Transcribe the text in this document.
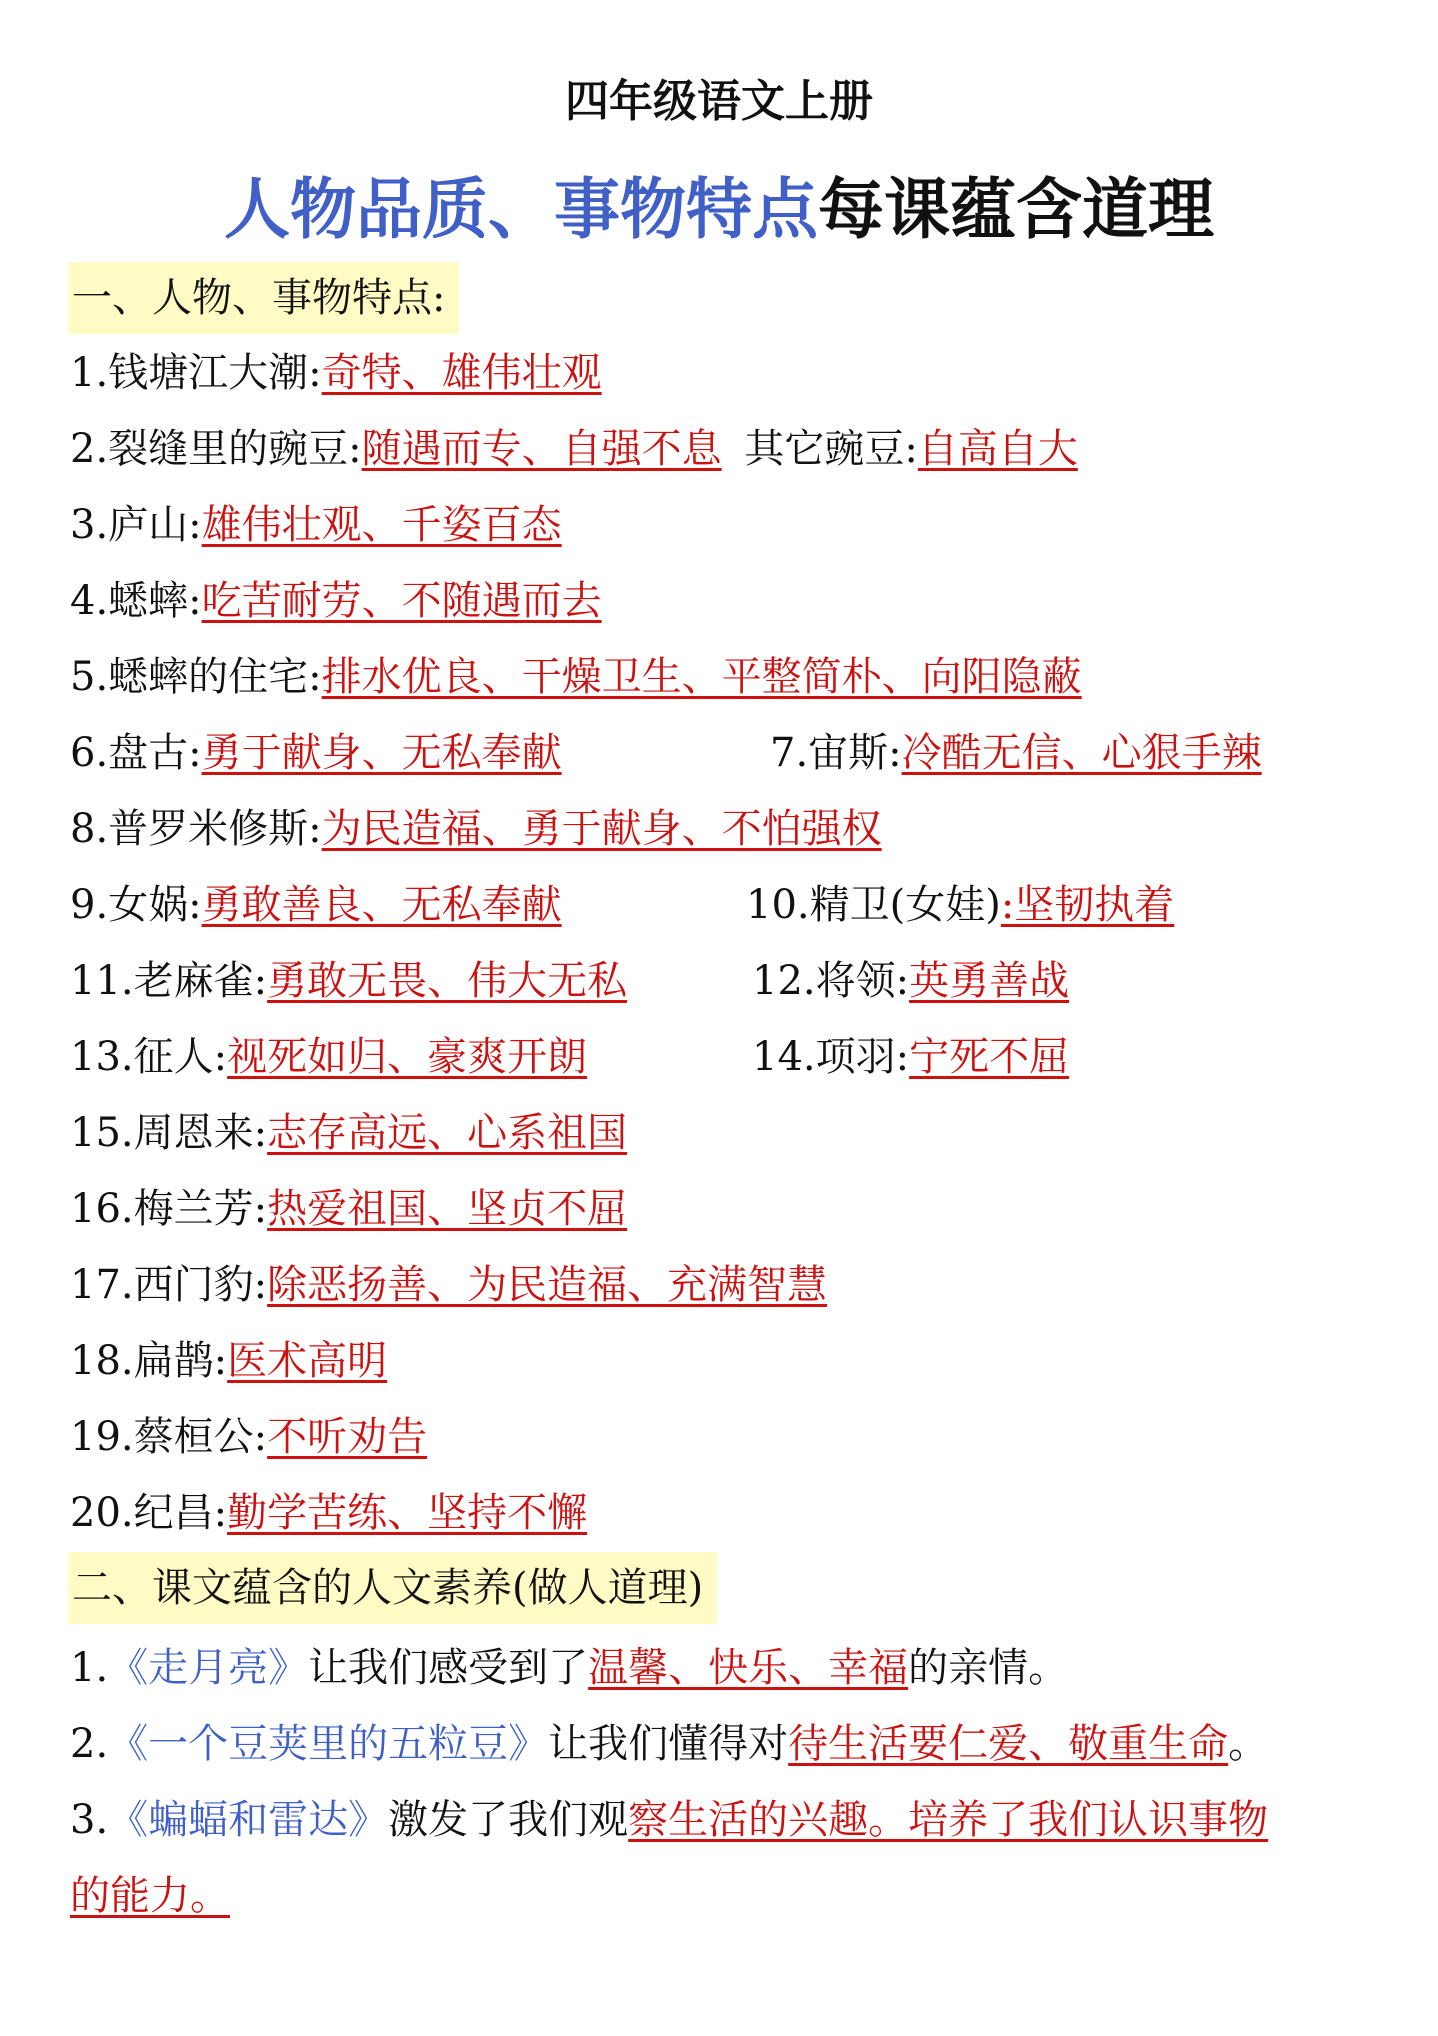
四年级语文上册
人物品质、事物特点每课蕴含道理
一、人物、事物特点:
1.钱塘江大潮:奇特、雄伟壮观
2.裂缝里的豌豆:随遇而专、自强不息 其它豌豆:自高自大
3.庐山:雄伟壮观、千姿百态
4.蟋蟀:吃苦耐劳、不随遇而去
5.蟋蟀的住宅:排水优良、干燥卫生、平整简朴、向阳隐蔽
6.盘古:勇于献身、无私奉献	7.宙斯:冷酷无信、心狠手辣
8.普罗米修斯:为民造福、勇于献身、不怕强权
9.女娲:勇敢善良、无私奉献	10.精卫(女娃):坚韧执着
11.老麻雀:勇敢无畏、伟大无私	12.将领:英勇善战
13.征人:视死如归、豪爽开朗	14.项羽:宁死不屈
15.周恩来:志存高远、心系祖国
16.梅兰芳:热爱祖国、坚贞不屈
17.西门豹:除恶扬善、为民造福、充满智慧
18.扁鹊:医术高明
19.蔡桓公:不听劝告
20.纪昌:勤学苦练、坚持不懈
二、课文蕴含的人文素养(做人道理)
1.《走月亮》让我们感受到了温馨、快乐、幸福的亲情。
2.《一个豆荚里的五粒豆》让我们懂得对待生活要仁爱、敬重生命。
3.《蝙蝠和雷达》激发了我们观察生活的兴趣。培养了我们认识事物
的能力。
